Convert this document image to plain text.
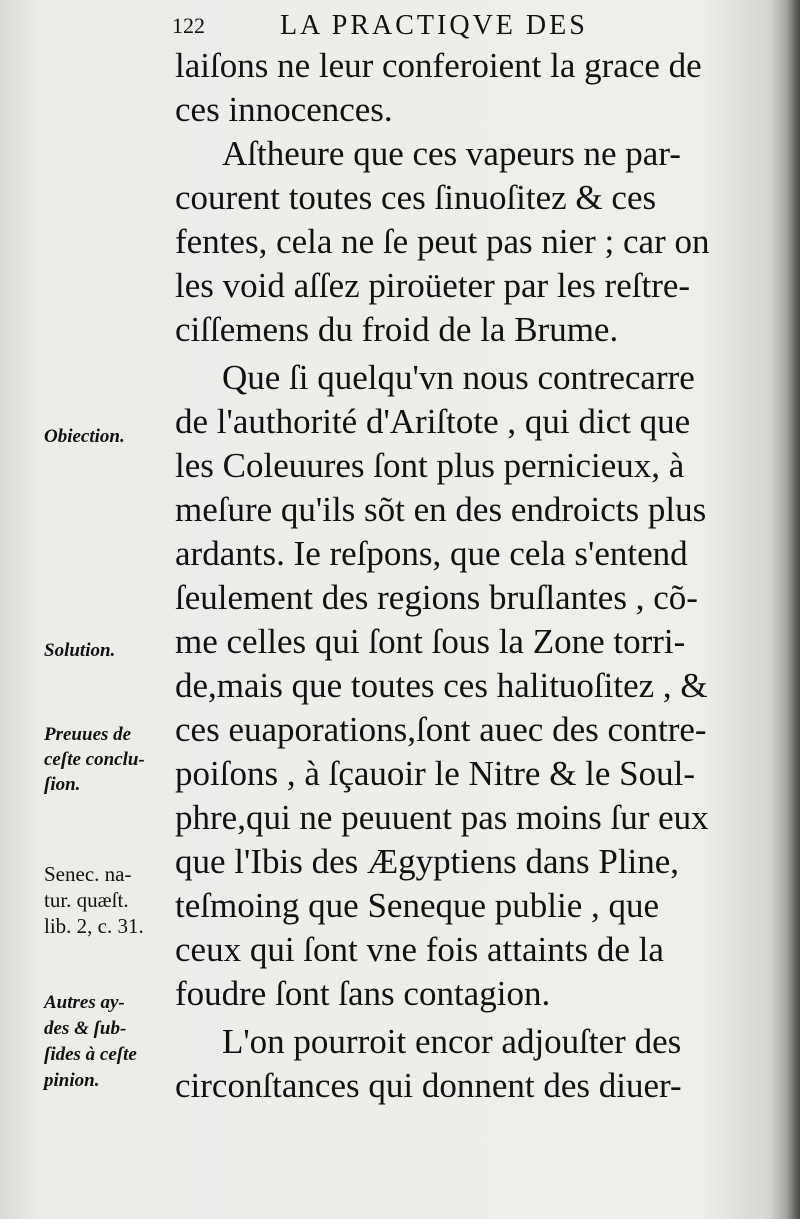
122	LA PRACTIQVE DES
laiſons ne leur conferoient la grace de
ces innocences.
Aſtheure que ces vapeurs ne par-
courent toutes ces ſinuoſitez & ces
fentes, cela ne ſe peut pas nier ; car on
les void aſſez piroüeter par les reſtre-
ciſſemens du froid de la Brume.
Que ſi quelqu'vn nous contrecarre
de l'authorité d'Ariſtote , qui dict que
les Coleuures ſont plus pernicieux, à
meſure qu'ils sõt en des endroicts plus
ardants. Ie reſpons, que cela s'entend
ſeulement des regions bruſlantes , cõ-
me celles qui ſont ſous la Zone torri-
de,mais que toutes ces halituoſitez , &
ces euaporations,ſont auec des contre-
poiſons , à ſçauoir le Nitre & le Soul-
phre,qui ne peuuent pas moins ſur eux
que l'Ibis des Ægyptiens dans Pline,
teſmoing que Seneque publie , que
ceux qui ſont vne fois attaints de la
foudre ſont ſans contagion.
L'on pourroit encor adjouſter des
circonſtances qui donnent des diuer-
Obiection.
Solution.
Preuues de
ceſte conclu-
ſion.
Senec. na-
tur. quæſt.
lib. 2, c. 31.
Autres ay-
des & ſub-
ſides à ceſte
pinion.
